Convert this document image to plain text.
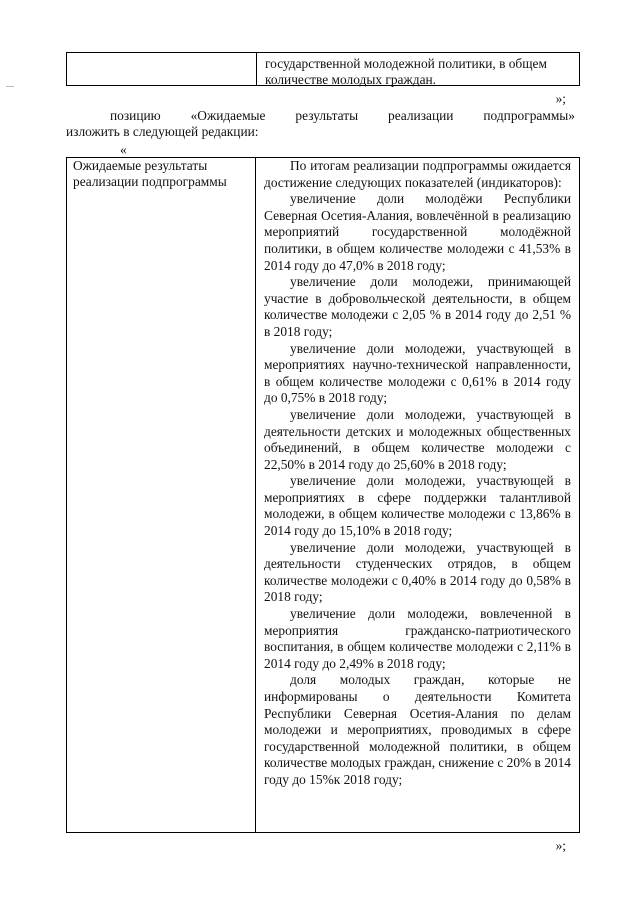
государственной молодежной политики, в общем

количестве молодых граждан.

»;
позицию «Ожидаемые результаты реализации подпрограммы»
изложить в следующей редакции:
«
Ожидаемые результаты реализации подпрограммы

По итогам реализации подпрограммы ожидается достижение следующих показателей (индикаторов):

увеличение доли молодёжи Республики Северная Осетия-Алания, вовлечённой в реализацию мероприятий государственной молодёжной политики, в общем количестве молодежи с 41,53% в 2014 году до 47,0% в 2018 году;

увеличение доли молодежи, принимающей участие в добровольческой деятельности, в общем количестве молодежи с 2,05 % в 2014 году до 2,51 % в 2018 году;

увеличение доли молодежи, участвующей в мероприятиях научно-технической направленности, в общем количестве молодежи с 0,61% в 2014 году до 0,75% в 2018 году;

увеличение доли молодежи, участвующей в деятельности детских и молодежных общественных объединений, в общем количестве молодежи с 22,50% в 2014 году до 25,60% в 2018 году;

увеличение доли молодежи, участвующей в мероприятиях в сфере поддержки талантливой молодежи, в общем количестве молодежи с 13,86% в 2014 году до 15,10% в 2018 году;

увеличение доли молодежи, участвующей в деятельности студенческих отрядов, в общем количестве молодежи с 0,40% в 2014 году до 0,58% в 2018 году;

увеличение доли молодежи, вовлеченной в мероприятия гражданско-патриотического воспитания, в общем количестве молодежи с 2,11% в 2014 году до 2,49% в 2018 году;

доля молодых граждан, которые не информированы о деятельности Комитета Республики Северная Осетия-Алания по делам молодежи и мероприятиях, проводимых в сфере государственной молодежной политики, в общем количестве молодых граждан, снижение с 20% в 2014 году до 15%к 2018 году;

»;
